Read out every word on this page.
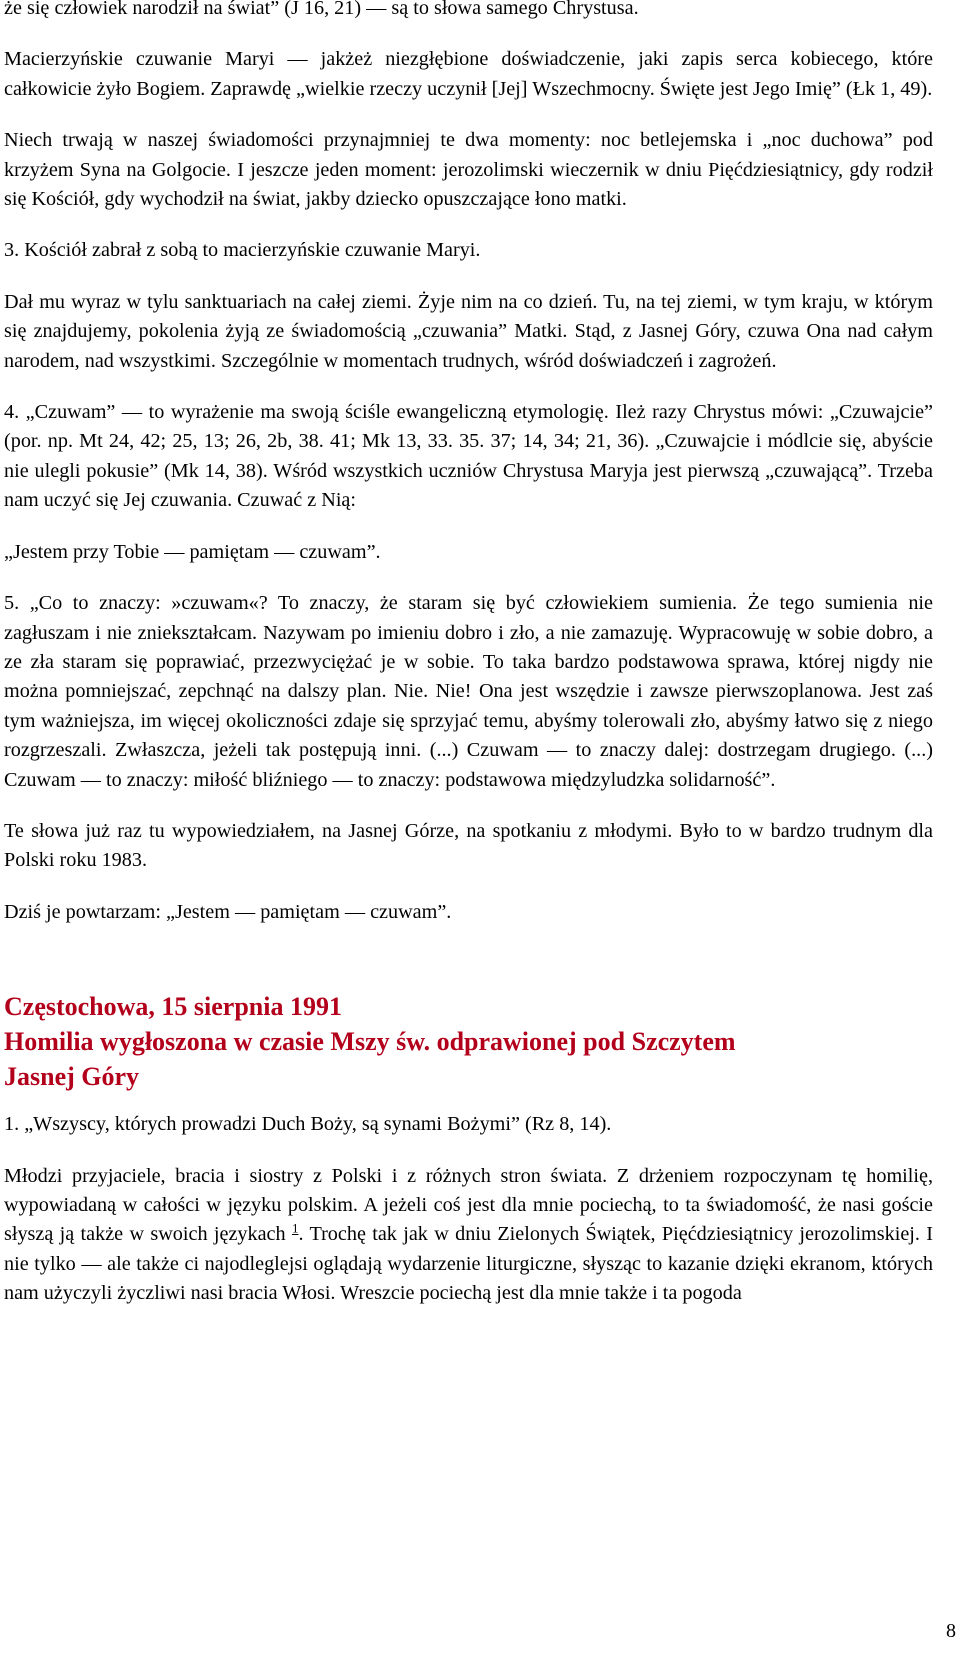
że się człowiek narodził na świat” (J 16, 21) — są to słowa samego Chrystusa.

Macierzyńskie czuwanie Maryi — jakżeż niezgłębione doświadczenie, jaki zapis serca kobiecego, które całkowicie żyło Bogiem. Zaprawdę „wielkie rzeczy uczynił [Jej] Wszechmocny. Święte jest Jego Imię” (Łk 1, 49).

Niech trwają w naszej świadomości przynajmniej te dwa momenty: noc betlejemska i „noc duchowa” pod krzyżem Syna na Golgocie. I jeszcze jeden moment: jerozolimski wieczernik w dniu Pięćdziesiątnicy, gdy rodził się Kościół, gdy wychodził na świat, jakby dziecko opuszczające łono matki.

3. Kościół zabrał z sobą to macierzyńskie czuwanie Maryi.

Dał mu wyraz w tylu sanktuariach na całej ziemi. Żyje nim na co dzień. Tu, na tej ziemi, w tym kraju, w którym się znajdujemy, pokolenia żyją ze świadomością „czuwania” Matki. Stąd, z Jasnej Góry, czuwa Ona nad całym narodem, nad wszystkimi. Szczególnie w momentach trudnych, wśród doświadczeń i zagrożeń.

4. „Czuwam” — to wyrażenie ma swoją ściśle ewangeliczną etymologię. Ileż razy Chrystus mówi: „Czuwajcie” (por. np. Mt 24, 42; 25, 13; 26, 2b, 38. 41; Mk 13, 33. 35. 37; 14, 34; 21, 36). „Czuwajcie i módlcie się, abyście nie ulegli pokusie” (Mk 14, 38). Wśród wszystkich uczniów Chrystusa Maryja jest pierwszą „czuwającą”. Trzeba nam uczyć się Jej czuwania. Czuwać z Nią:

„Jestem przy Tobie — pamiętam — czuwam”.

5. „Co to znaczy: »czuwam«? To znaczy, że staram się być człowiekiem sumienia. Że tego sumienia nie zagłuszam i nie zniekształcam. Nazywam po imieniu dobro i zło, a nie zamazuję. Wypracowuję w sobie dobro, a ze zła staram się poprawiać, przezwyciężać je w sobie. To taka bardzo podstawowa sprawa, której nigdy nie można pomniejszać, zepchnąć na dalszy plan. Nie. Nie! Ona jest wszędzie i zawsze pierwszoplanowa. Jest zaś tym ważniejsza, im więcej okoliczności zdaje się sprzyjać temu, abyśmy tolerowali zło, abyśmy łatwo się z niego rozgrzeszali. Zwłaszcza, jeżeli tak postępują inni. (...) Czuwam — to znaczy dalej: dostrzegam drugiego. (...) Czuwam — to znaczy: miłość bliźniego — to znaczy: podstawowa międzyludzka solidarność”.

Te słowa już raz tu wypowiedziałem, na Jasnej Górze, na spotkaniu z młodymi. Było to w bardzo trudnym dla Polski roku 1983.

Dziś je powtarzam: „Jestem — pamiętam — czuwam”.

Częstochowa, 15 sierpnia 1991
Homilia wygłoszona w czasie Mszy św. odprawionej pod Szczytem
Jasnej Góry

1. „Wszyscy, których prowadzi Duch Boży, są synami Bożymi” (Rz 8, 14).

Młodzi przyjaciele, bracia i siostry z Polski i z różnych stron świata. Z drżeniem rozpoczynam tę homilię, wypowiadaną w całości w języku polskim. A jeżeli coś jest dla mnie pociechą, to ta świadomość, że nasi goście słyszą ją także w swoich językach $^1$. Trochę tak jak w dniu Zielonych Świątek, Pięćdziesiątnicy jerozolimskiej. I nie tylko — ale także ci najodleglejsi oglądają wydarzenie liturgiczne, słysząc to kazanie dzięki ekranom, których nam użyczyli życzliwi nasi bracia Włosi. Wreszcie pociechą jest dla mnie także i ta pogoda

8
